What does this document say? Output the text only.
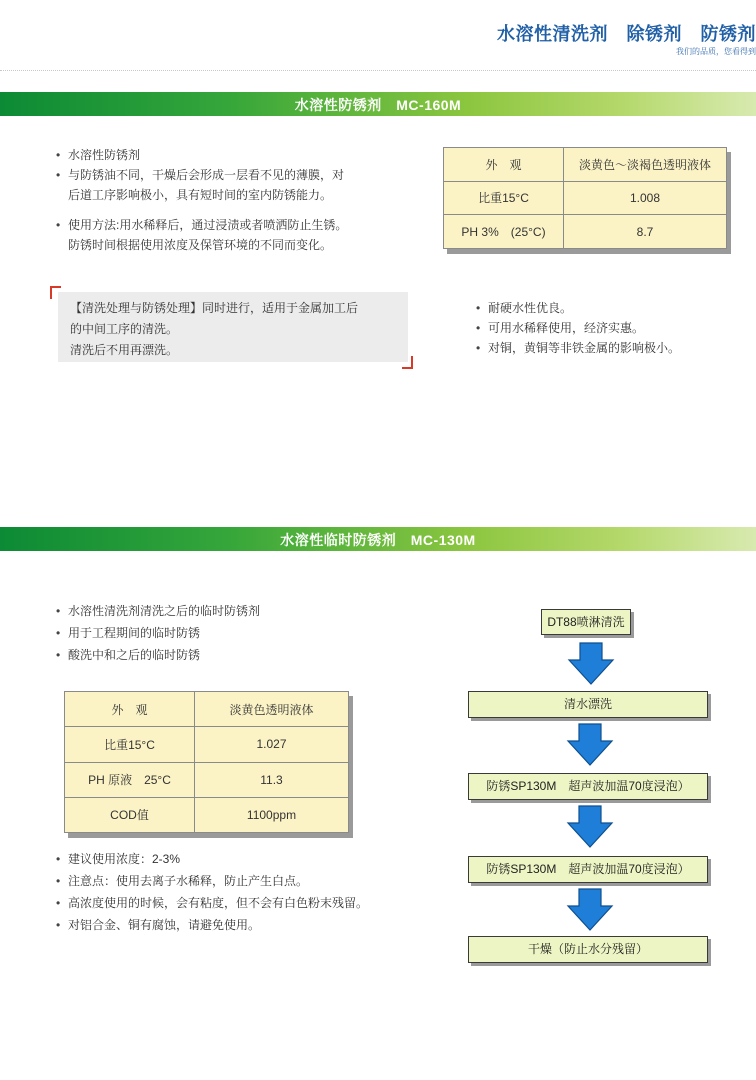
水溶性清洗剂　除锈剂　防锈剂
我们的品质，您看得到
水溶性防锈剂　MC-160M
• 水溶性防锈剂
• 与防锈油不同，干燥后会形成一层看不见的薄膜，对
后道工序影响极小，具有短时间的室内防锈能力。
• 使用方法:用水稀释后，通过浸渍或者喷洒防止生锈。
防锈时间根据使用浓度及保管环境的不同而变化。
外　观	淡黄色～淡褐色透明液体
比重15°C	1.008
PH 3%　(25°C)	8.7
【清洗处理与防锈处理】同时进行，适用于金属加工后
的中间工序的清洗。
清洗后不用再漂洗。
• 耐硬水性优良。
• 可用水稀释使用，经济实惠。
• 对铜，黄铜等非铁金属的影响极小。
水溶性临时防锈剂　MC-130M
• 水溶性清洗剂清洗之后的临时防锈剂
• 用于工程期间的临时防锈
• 酸洗中和之后的临时防锈
外　观	淡黄色透明液体
比重15°C	1.027
PH 原液　25°C	11.3
COD值	1100ppm
• 建议使用浓度：2-3%
• 注意点：使用去离子水稀释，防止产生白点。
• 高浓度使用的时候，会有粘度，但不会有白色粉末残留。
• 对铝合金、铜有腐蚀，请避免使用。
DT88喷淋清洗
清水漂洗
防锈SP130M　超声波加温70度浸泡）
防锈SP130M　超声波加温70度浸泡）
干燥（防止水分残留）
